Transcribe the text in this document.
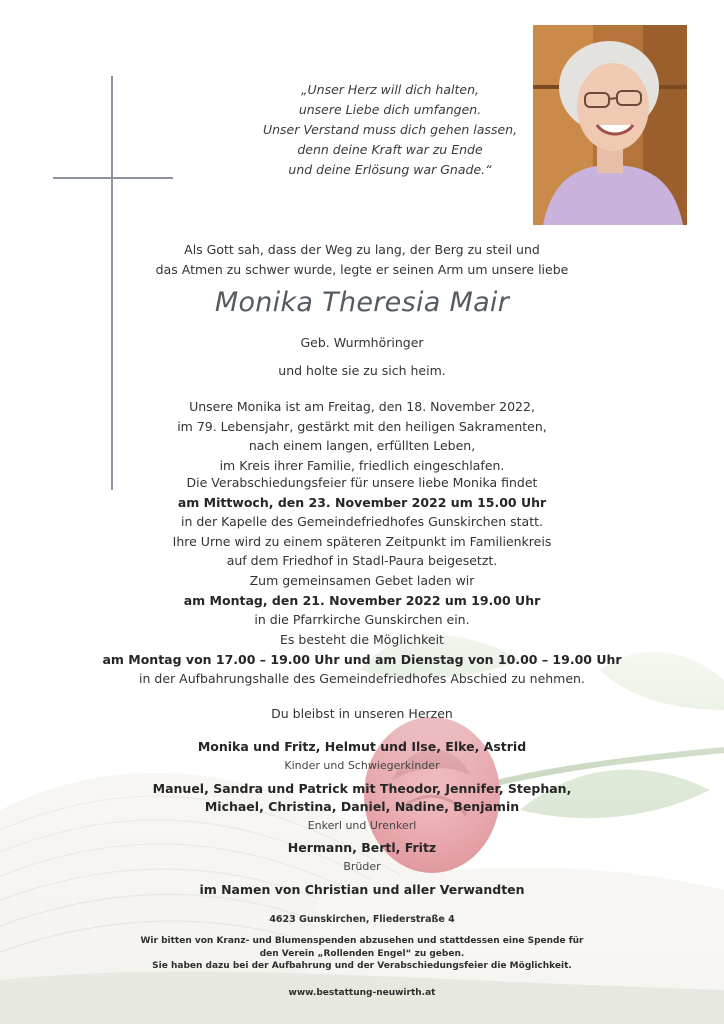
„Unser Herz will dich halten,
unsere Liebe dich umfangen.
Unser Verstand muss dich gehen lassen,
denn deine Kraft war zu Ende
und deine Erlösung war Gnade.“
Als Gott sah, dass der Weg zu lang, der Berg zu steil und
das Atmen zu schwer wurde, legte er seinen Arm um unsere liebe
Monika Theresia Mair
Geb. Wurmhöringer
und holte sie zu sich heim.
Unsere Monika ist am Freitag, den 18. November 2022,
im 79. Lebensjahr, gestärkt mit den heiligen Sakramenten,
nach einem langen, erfüllten Leben,
im Kreis ihrer Familie, friedlich eingeschlafen.
Die Verabschiedungsfeier für unsere liebe Monika findet
am Mittwoch, den 23. November 2022 um 15.00 Uhr
in der Kapelle des Gemeindefriedhofes Gunskirchen statt.
Ihre Urne wird zu einem späteren Zeitpunkt im Familienkreis
auf dem Friedhof in Stadl-Paura beigesetzt.
Zum gemeinsamen Gebet laden wir
am Montag, den 21. November 2022 um 19.00 Uhr
in die Pfarrkirche Gunskirchen ein.
Es besteht die Möglichkeit
am Montag von 17.00 – 19.00 Uhr und am Dienstag von 10.00 – 19.00 Uhr
in der Aufbahrungshalle des Gemeindefriedhofes Abschied zu nehmen.
Du bleibst in unseren Herzen
Monika und Fritz, Helmut und Ilse, Elke, Astrid
Kinder und Schwiegerkinder
Manuel, Sandra und Patrick mit Theodor, Jennifer, Stephan,
Michael, Christina, Daniel, Nadine, Benjamin
Enkerl und Urenkerl
Hermann, Bertl, Fritz
Brüder
im Namen von Christian und aller Verwandten
4623 Gunskirchen, Fliederstraße 4
Wir bitten von Kranz- und Blumenspenden abzusehen und stattdessen eine Spende für
den Verein „Rollenden Engel“ zu geben.
Sie haben dazu bei der Aufbahrung und der Verabschiedungsfeier die Möglichkeit.
www.bestattung-neuwirth.at
